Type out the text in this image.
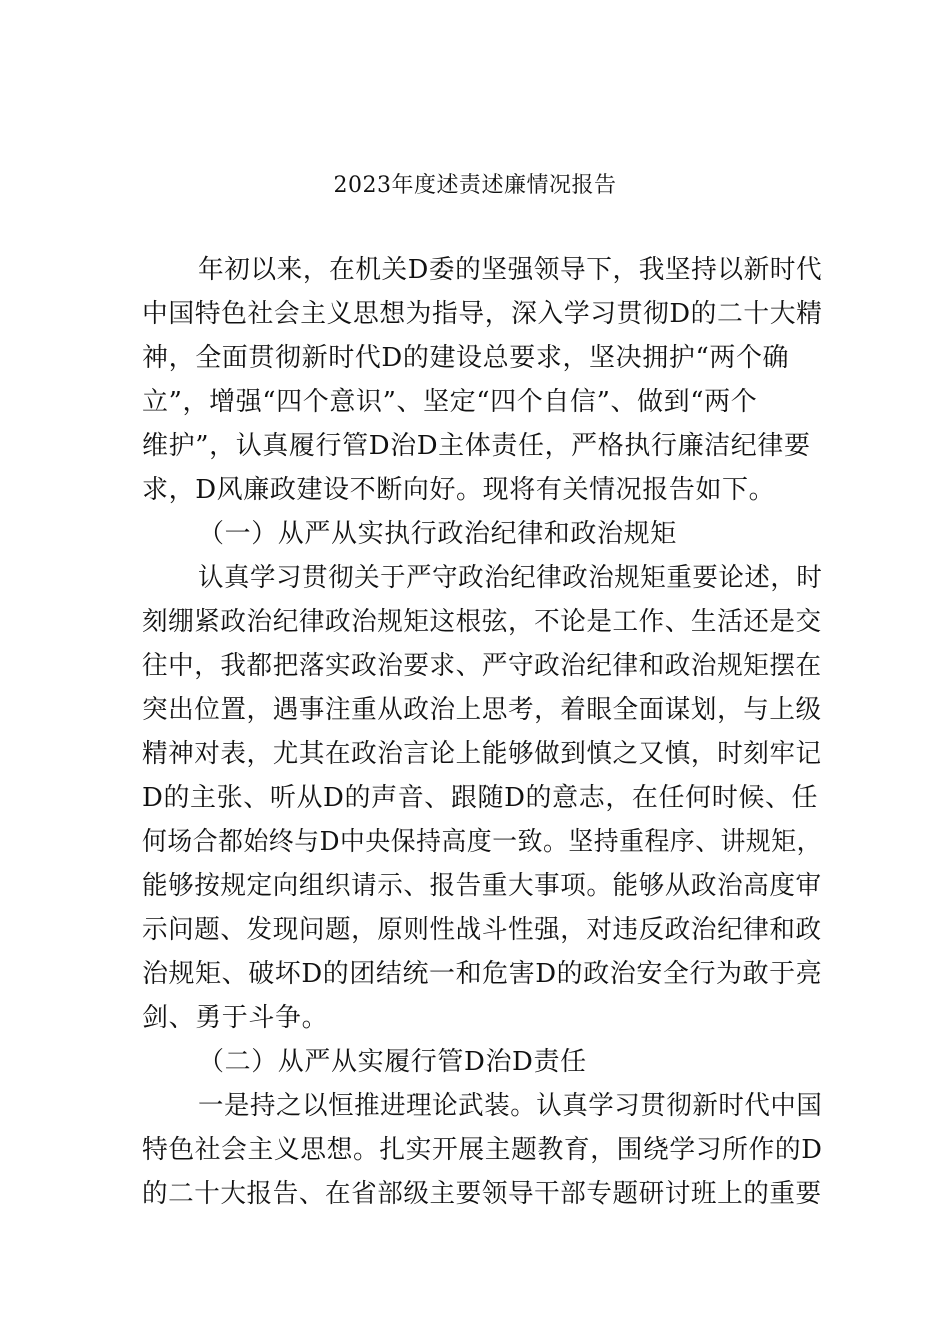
2023年度述责述廉情况报告
年初以来，在机关D委的坚强领导下，我坚持以新时代
中国特色社会主义思想为指导，深入学习贯彻D的二十大精
神，全面贯彻新时代D的建设总要求，坚决拥护“两个确
立”，增强“四个意识”、坚定“四个自信”、做到“两个
维护”，认真履行管D治D主体责任，严格执行廉洁纪律要
求，D风廉政建设不断向好。现将有关情况报告如下。
（一）从严从实执行政治纪律和政治规矩
认真学习贯彻关于严守政治纪律政治规矩重要论述，时
刻绷紧政治纪律政治规矩这根弦，不论是工作、生活还是交
往中，我都把落实政治要求、严守政治纪律和政治规矩摆在
突出位置，遇事注重从政治上思考，着眼全面谋划，与上级
精神对表，尤其在政治言论上能够做到慎之又慎，时刻牢记
D的主张、听从D的声音、跟随D的意志，在任何时候、任
何场合都始终与D中央保持高度一致。坚持重程序、讲规矩，
能够按规定向组织请示、报告重大事项。能够从政治高度审
示问题、发现问题，原则性战斗性强，对违反政治纪律和政
治规矩、破坏D的团结统一和危害D的政治安全行为敢于亮
剑、勇于斗争。
（二）从严从实履行管D治D责任
一是持之以恒推进理论武装。认真学习贯彻新时代中国
特色社会主义思想。扎实开展主题教育，围绕学习所作的D
的二十大报告、在省部级主要领导干部专题研讨班上的重要
